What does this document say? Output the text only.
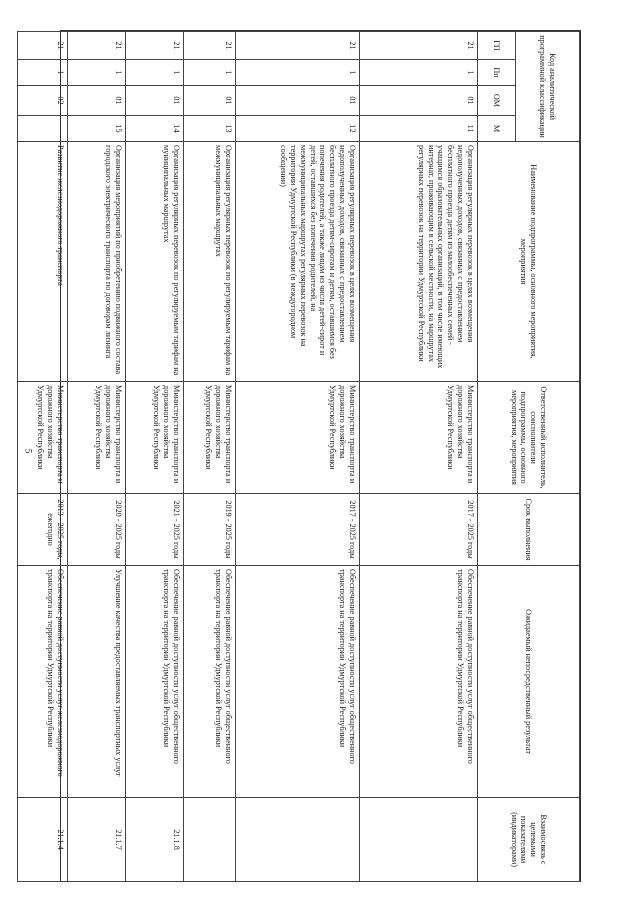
5
Код аналитической программной классификации				Наименование подпрограммы, основного мероприятия, мероприятия	Ответственный исполнитель, соисполнители подпрограммы, основного мероприятия, мероприятия	Срок выполнения	Ожидаемый непосредственный результат	Взаимосвязь с целевыми показателями (индикаторами)
ГП	Пп	ОМ	М					
21	1	01	11	Организация регулярных перевозок в целях возмещения недополученных доходов, связанных с предоставлением бесплатного проезда детям из малообеспеченных семей - учащимся образовательных организаций, в том числе имеющих интернат, проживающим в сельской местности, на маршрутах регулярных перевозок на территории Удмуртской Республики	Министерство транспорта и дорожного хозяйства Удмуртской Республики	2017 - 2025 годы	Обеспечение равной доступности услуг общественного транспорта на территории Удмуртской Республики	
21	1	01	12	Организация регулярных перевозок в целях возмещения недополученных доходов, связанных с предоставлением бесплатного проезда детям-сиротам и детям, оставшимся без попечения родителей, а также лицам из числа детей-сирот и детей, оставшихся без попечения родителей, на межмуниципальных маршрутах регулярных перевозок на территории Удмуртской Республики (в междугородном сообщении)	Министерство транспорта и дорожного хозяйства Удмуртской Республики	2017 - 2025 годы	Обеспечение равной доступности услуг общественного транспорта на территории Удмуртской Республики	
21	1	01	13	Организация регулярных перевозок по регулируемым тарифам на межмуниципальных маршрутах	Министерство транспорта и дорожного хозяйства Удмуртской Республики	2019 - 2025 годы	Обеспечение равной доступности услуг общественного транспорта на территории Удмуртской Республики	
21	1	01	14	Организация регулярных перевозок по регулируемым тарифам на муниципальных маршрутах	Министерство транспорта и дорожного хозяйства Удмуртской Республики	2021 - 2025 годы	Обеспечение равной доступности услуг общественного транспорта на территории Удмуртской Республики	21.1.8
21	1	01	15	Организация мероприятий по приобретению подвижного состава городского электрического транспорта по договорам лизинга	Министерство транспорта и дорожного хозяйства Удмуртской Республики	2020 - 2025 годы	Улучшение качества предоставляемых транспортных услуг	21.1.7
21	1	02		Развитие железнодорожного транспорта	Министерство транспорта и дорожного хозяйства Удмуртской Республики	2013 - 2025 годы, ежегодно	Обеспечение равной доступности услуг железнодорожного транспорта на территории Удмуртской Республики	21.1.4
